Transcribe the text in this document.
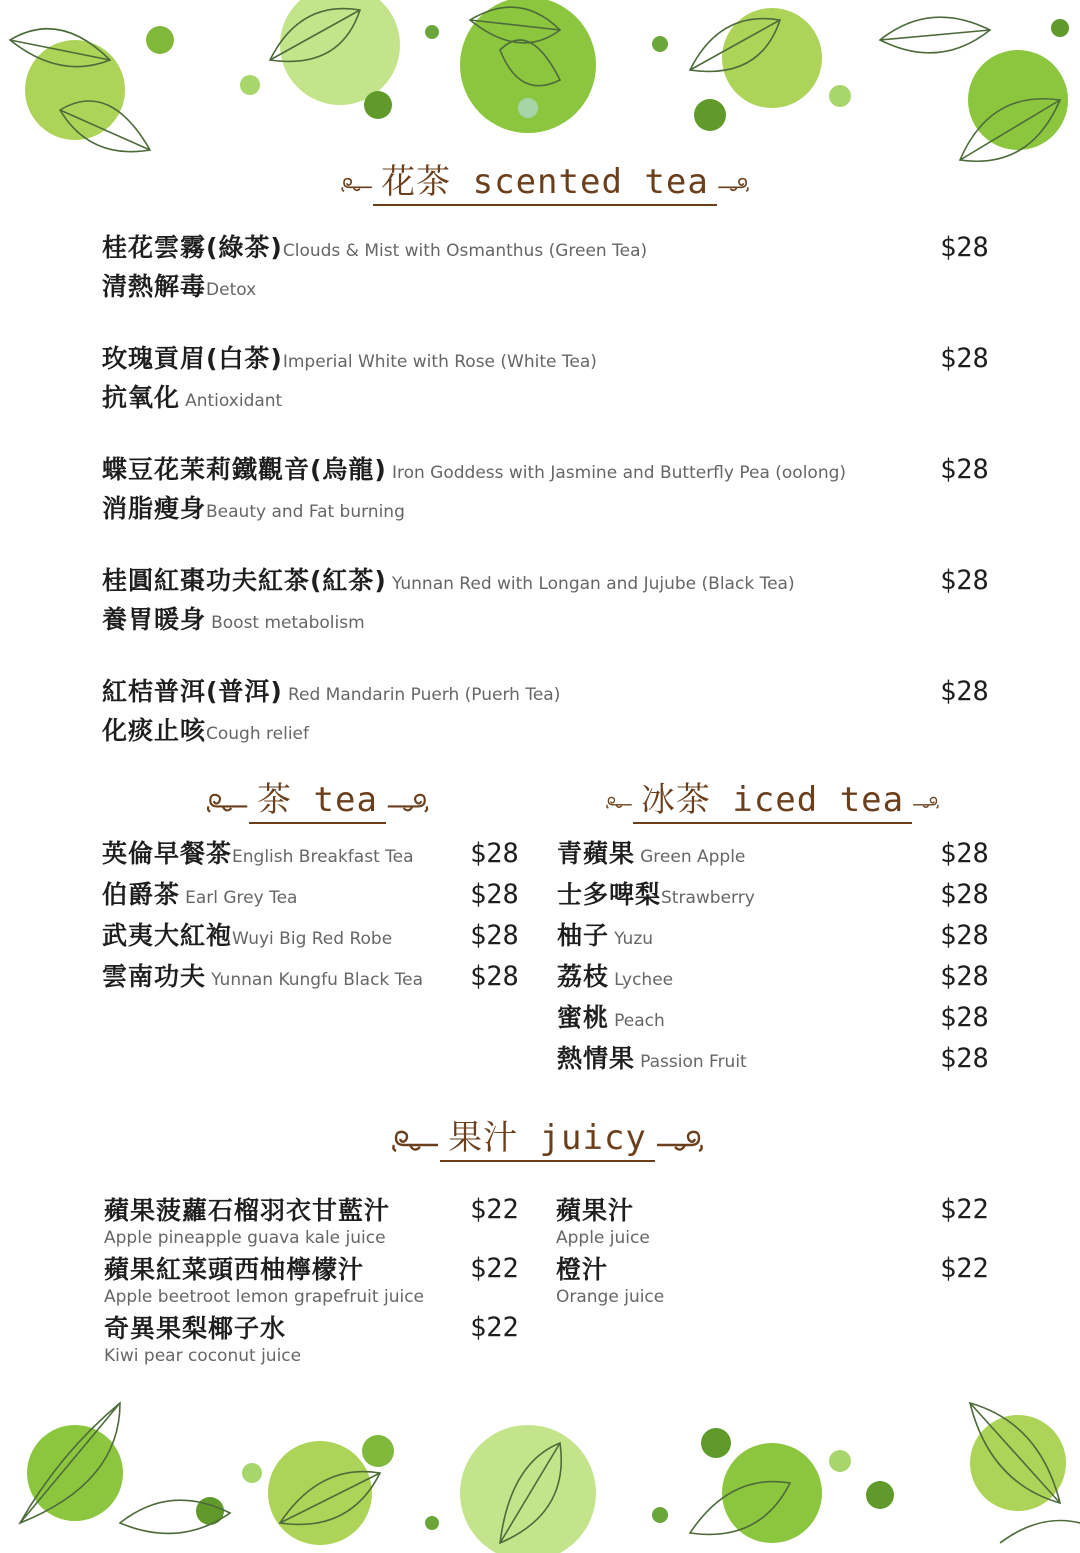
花茶 scented tea
桂花雲霧(綠茶)Clouds & Mist with Osmanthus (Green Tea)
清熱解毒Detox
$28
玫瑰貢眉(白茶)Imperial White with Rose (White Tea)
抗氧化 Antioxidant
$28
蝶豆花茉莉鐵觀音(烏龍) Iron Goddess with Jasmine and Butterfly Pea (oolong)
消脂瘦身Beauty and Fat burning
$28
桂圓紅棗功夫紅茶(紅茶) Yunnan Red with Longan and Jujube (Black Tea)
養胃暖身 Boost metabolism
$28
紅桔普洱(普洱) Red Mandarin Puerh (Puerh Tea)
化痰止咳Cough relief
$28
茶 tea	冰茶 iced tea
英倫早餐茶English Breakfast Tea $28
伯爵茶 Earl Grey Tea	$28
武夷大紅袍Wuyi Big Red Robe	$28
雲南功夫 Yunnan Kungfu Black Tea $28
青蘋果 Green Apple	$28
士多啤梨Strawberry	$28
柚子 Yuzu	$28
荔枝 Lychee	$28
蜜桃 Peach	$28
熱情果 Passion Fruit	$28
果汁 juicy
蘋果菠蘿石榴羽衣甘藍汁
Apple pineapple guava kale juice
$22
蘋果紅菜頭西柚檸檬汁
Apple beetroot lemon grapefruit juice
$22
奇異果梨椰子水
Kiwi pear coconut juice
$22
蘋果汁
Apple juice
$22
橙汁
Orange juice
$22
